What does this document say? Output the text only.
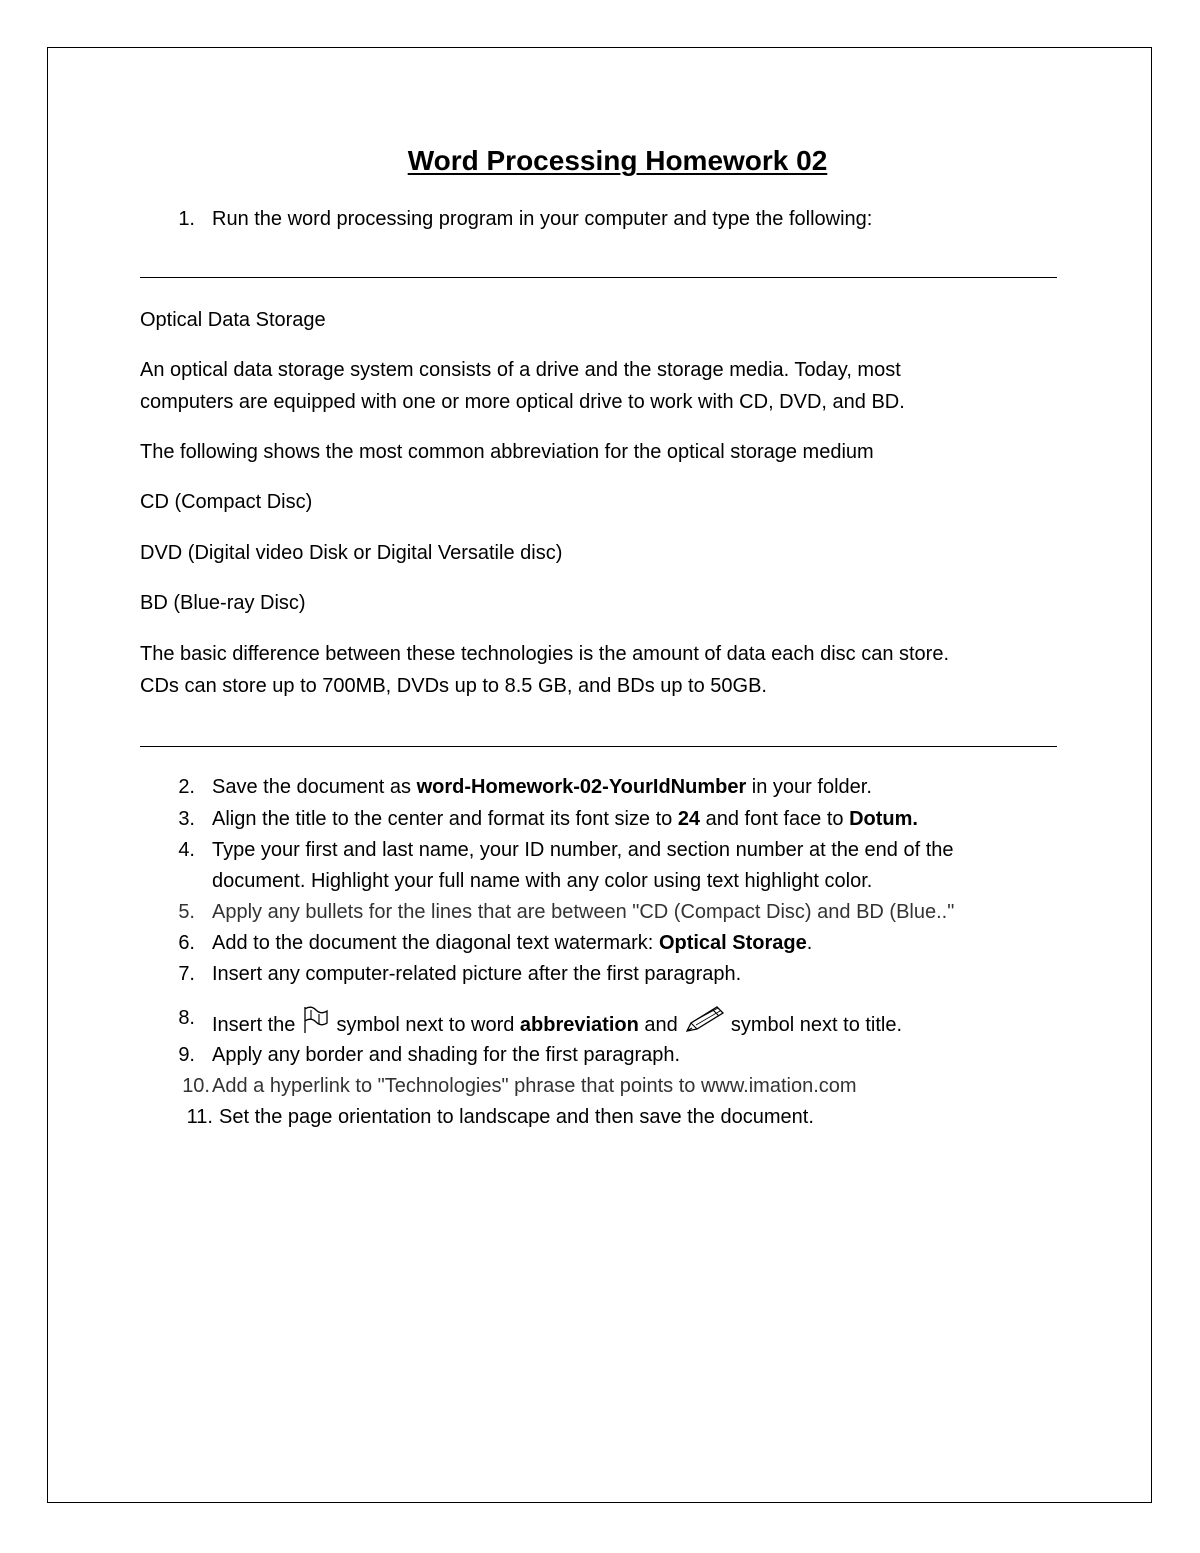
Word Processing Homework 02
1. Run the word processing program in your computer and type the following:
Optical Data Storage
An optical data storage system consists of a drive and the storage media. Today, most
computers are equipped with one or more optical drive to work with CD, DVD, and BD.
The following shows the most common abbreviation for the optical storage medium
CD (Compact Disc)
DVD (Digital video Disk or Digital Versatile disc)
BD (Blue-ray Disc)
The basic difference between these technologies is the amount of data each disc can store.
CDs can store up to 700MB, DVDs up to 8.5 GB, and BDs up to 50GB.
2. Save the document as word-Homework-02-YourIdNumber in your folder.
3. Align the title to the center and format its font size to 24 and font face to Dotum.
4. Type your first and last name, your ID number, and section number at the end of the
document. Highlight your full name with any color using text highlight color.
5. Apply any bullets for the lines that are between "CD (Compact Disc) and BD (Blue.."
6. Add to the document the diagonal text watermark: Optical Storage.
7. Insert any computer-related picture after the first paragraph.
8. Insert the  symbol next to word abbreviation and  symbol next to title.
9. Apply any border and shading for the first paragraph.
10. Add a hyperlink to "Technologies" phrase that points to www.imation.com
11. Set the page orientation to landscape and then save the document.
